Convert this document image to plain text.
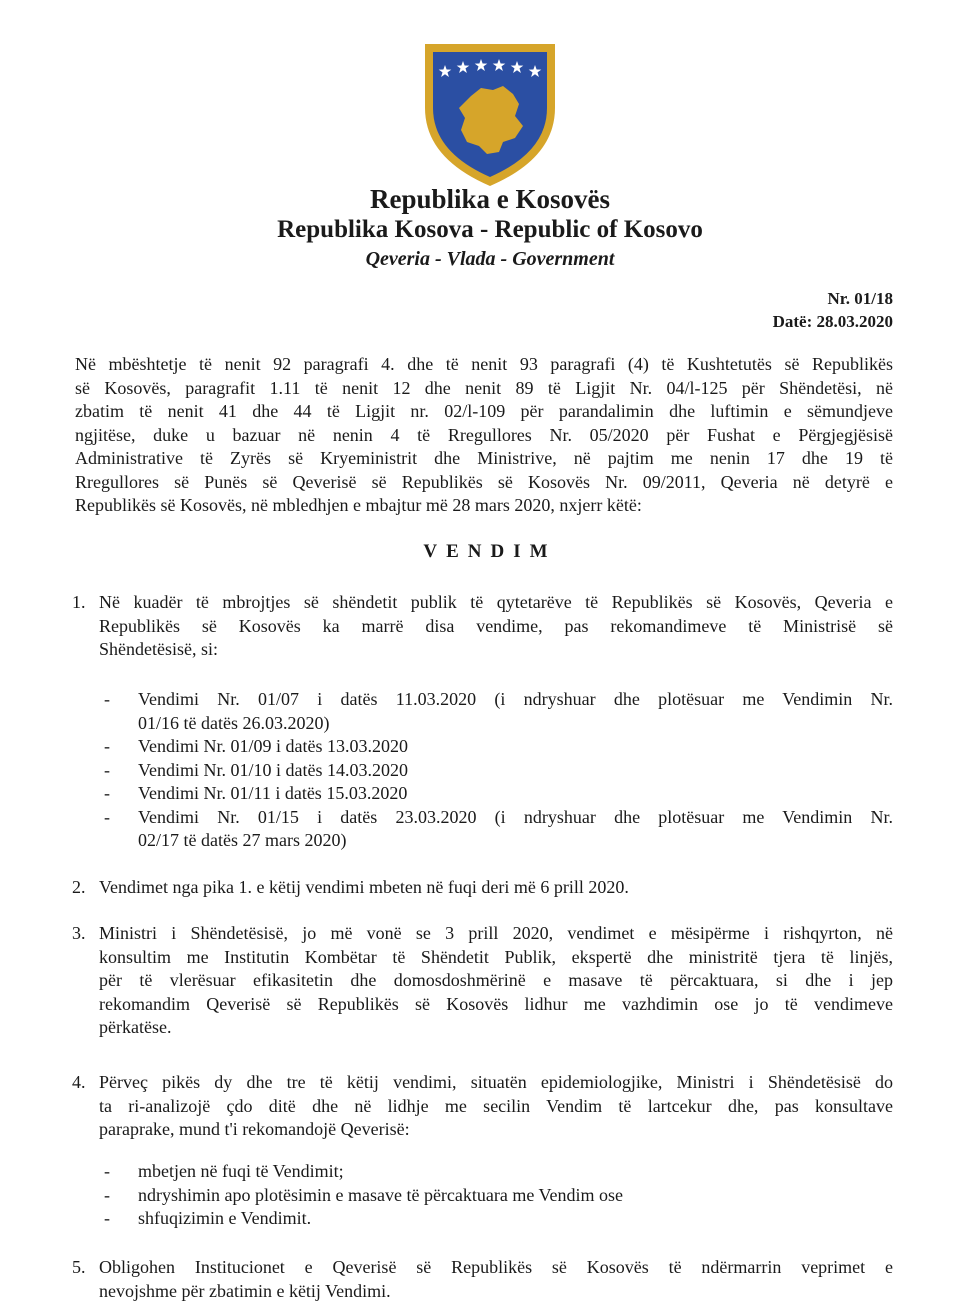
Republika e Kosovës
Republika Kosova - Republic of Kosovo
Qeveria - Vlada - Government
Nr. 01/18
Datë: 28.03.2020
Në mbështetje të nenit 92 paragrafi 4. dhe të nenit 93 paragrafi (4) të Kushtetutës së Republikës
së Kosovës, paragrafit 1.11 të nenit 12 dhe nenit 89 të Ligjit Nr. 04/l-125 për Shëndetësi, në
zbatim të nenit 41 dhe 44 të Ligjit nr. 02/l-109 për parandalimin dhe luftimin e sëmundjeve
ngjitëse, duke u bazuar në nenin 4 të Rregullores Nr. 05/2020 për Fushat e Përgjegjësisë
Administrative të Zyrës së Kryeministrit dhe Ministrive, në pajtim me nenin 17 dhe 19 të
Rregullores së Punës së Qeverisë së Republikës së Kosovës Nr. 09/2011, Qeveria në detyrë e
Republikës së Kosovës, në mbledhjen e mbajtur më 28 mars 2020, nxjerr këtë:
VENDIM
1. Në kuadër të mbrojtjes së shëndetit publik të qytetarëve të Republikës së Kosovës, Qeveria e
Republikës së Kosovës ka marrë disa vendime, pas rekomandimeve të Ministrisë së
Shëndetësisë, si:
- Vendimi Nr. 01/07 i datës 11.03.2020 (i ndryshuar dhe plotësuar me Vendimin Nr.
01/16 të datës 26.03.2020)
- Vendimi Nr. 01/09 i datës 13.03.2020
- Vendimi Nr. 01/10 i datës 14.03.2020
- Vendimi Nr. 01/11 i datës 15.03.2020
- Vendimi Nr. 01/15 i datës 23.03.2020 (i ndryshuar dhe plotësuar me Vendimin Nr.
02/17 të datës 27 mars 2020)
2. Vendimet nga pika 1. e këtij vendimi mbeten në fuqi deri më 6 prill 2020.
3. Ministri i Shëndetësisë, jo më vonë se 3 prill 2020, vendimet e mësipërme i rishqyrton, në
konsultim me Institutin Kombëtar të Shëndetit Publik, ekspertë dhe ministritë tjera të linjës,
për të vlerësuar efikasitetin dhe domosdoshmërinë e masave të përcaktuara, si dhe i jep
rekomandim Qeverisë së Republikës së Kosovës lidhur me vazhdimin ose jo të vendimeve
përkatëse.
4. Përveç pikës dy dhe tre të këtij vendimi, situatën epidemiologjike, Ministri i Shëndetësisë do
ta ri-analizojë çdo ditë dhe në lidhje me secilin Vendim të lartcekur dhe, pas konsultave
paraprake, mund t'i rekomandojë Qeverisë:
- mbetjen në fuqi të Vendimit;
- ndryshimin apo plotësimin e masave të përcaktuara me Vendim ose
- shfuqizimin e Vendimit.
5. Obligohen Institucionet e Qeverisë së Republikës së Kosovës të ndërmarrin veprimet e
nevojshme për zbatimin e këtij Vendimi.
